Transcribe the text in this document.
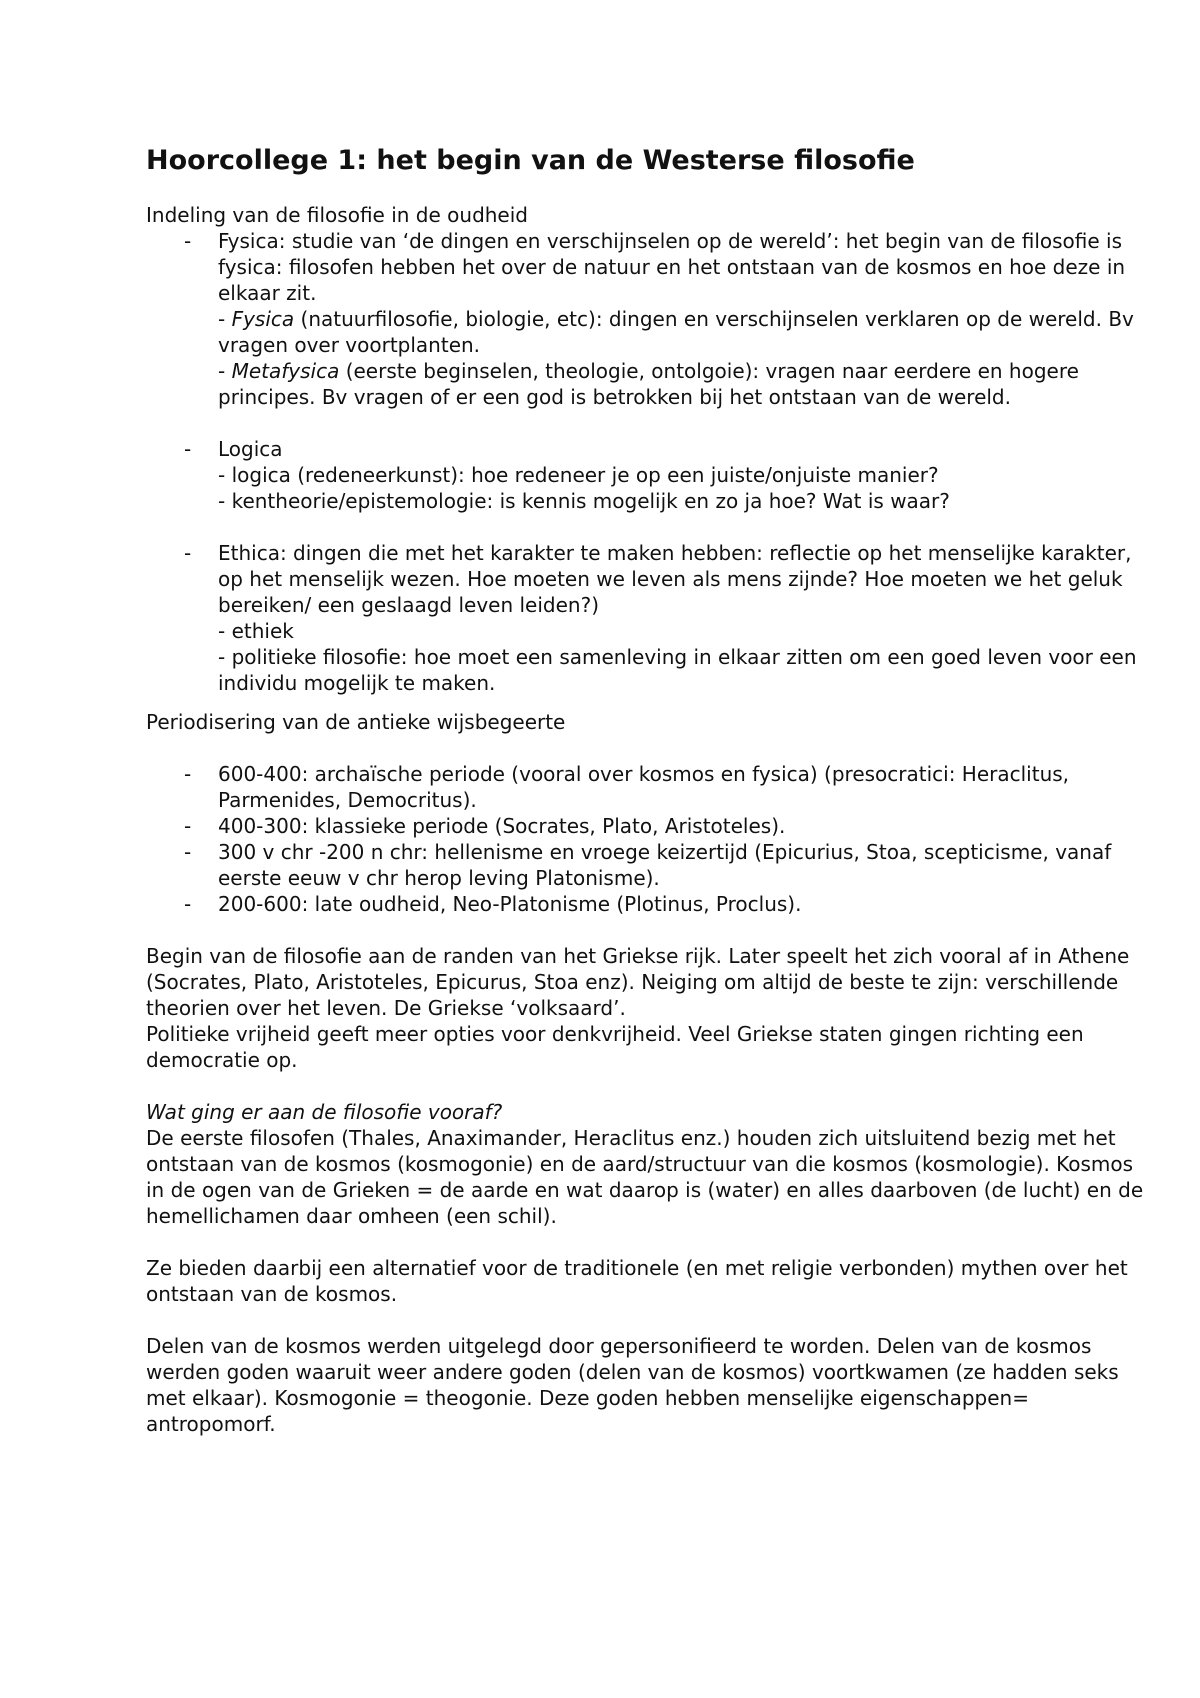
Hoorcollege 1: het begin van de Westerse filosofie

Indeling van de filosofie in de oudheid

- Fysica: studie van ‘de dingen en verschijnselen op de wereld’: het begin van de filosofie is fysica: filosofen hebben het over de natuur en het ontstaan van de kosmos en hoe deze in elkaar zit.
- Fysica (natuurfilosofie, biologie, etc): dingen en verschijnselen verklaren op de wereld. Bv vragen over voortplanten.
- Metafysica (eerste beginselen, theologie, ontolgoie): vragen naar eerdere en hogere principes. Bv vragen of er een god is betrokken bij het ontstaan van de wereld.
- Logica
- logica (redeneerkunst): hoe redeneer je op een juiste/onjuiste manier?
- kentheorie/epistemologie: is kennis mogelijk en zo ja hoe? Wat is waar?
- Ethica: dingen die met het karakter te maken hebben: reflectie op het menselijke karakter, op het menselijk wezen. Hoe moeten we leven als mens zijnde? Hoe moeten we het geluk bereiken/ een geslaagd leven leiden?)
- ethiek
- politieke filosofie: hoe moet een samenleving in elkaar zitten om een goed leven voor een individu mogelijk te maken.

Periodisering van de antieke wijsbegeerte

- 600-400: archaïsche periode (vooral over kosmos en fysica) (presocratici: Heraclitus, Parmenides, Democritus).
- 400-300: klassieke periode (Socrates, Plato, Aristoteles).
- 300 v chr -200 n chr: hellenisme en vroege keizertijd (Epicurius, Stoa, scepticisme, vanaf eerste eeuw v chr herop leving Platonisme).
- 200-600: late oudheid, Neo-Platonisme (Plotinus, Proclus).

Begin van de filosofie aan de randen van het Griekse rijk. Later speelt het zich vooral af in Athene (Socrates, Plato, Aristoteles, Epicurus, Stoa enz). Neiging om altijd de beste te zijn: verschillende theorien over het leven. De Griekse ‘volksaard’.

Politieke vrijheid geeft meer opties voor denkvrijheid. Veel Griekse staten gingen richting een democratie op.

Wat ging er aan de filosofie vooraf?

De eerste filosofen (Thales, Anaximander, Heraclitus enz.) houden zich uitsluitend bezig met het ontstaan van de kosmos (kosmogonie) en de aard/structuur van die kosmos (kosmologie). Kosmos in de ogen van de Grieken = de aarde en wat daarop is (water) en alles daarboven (de lucht) en de hemellichamen daar omheen (een schil).

Ze bieden daarbij een alternatief voor de traditionele (en met religie verbonden) mythen over het ontstaan van de kosmos.

Delen van de kosmos werden uitgelegd door gepersonifieerd te worden. Delen van de kosmos werden goden waaruit weer andere goden (delen van de kosmos) voortkwamen (ze hadden seks met elkaar). Kosmogonie = theogonie. Deze goden hebben menselijke eigenschappen= antropomorf.
